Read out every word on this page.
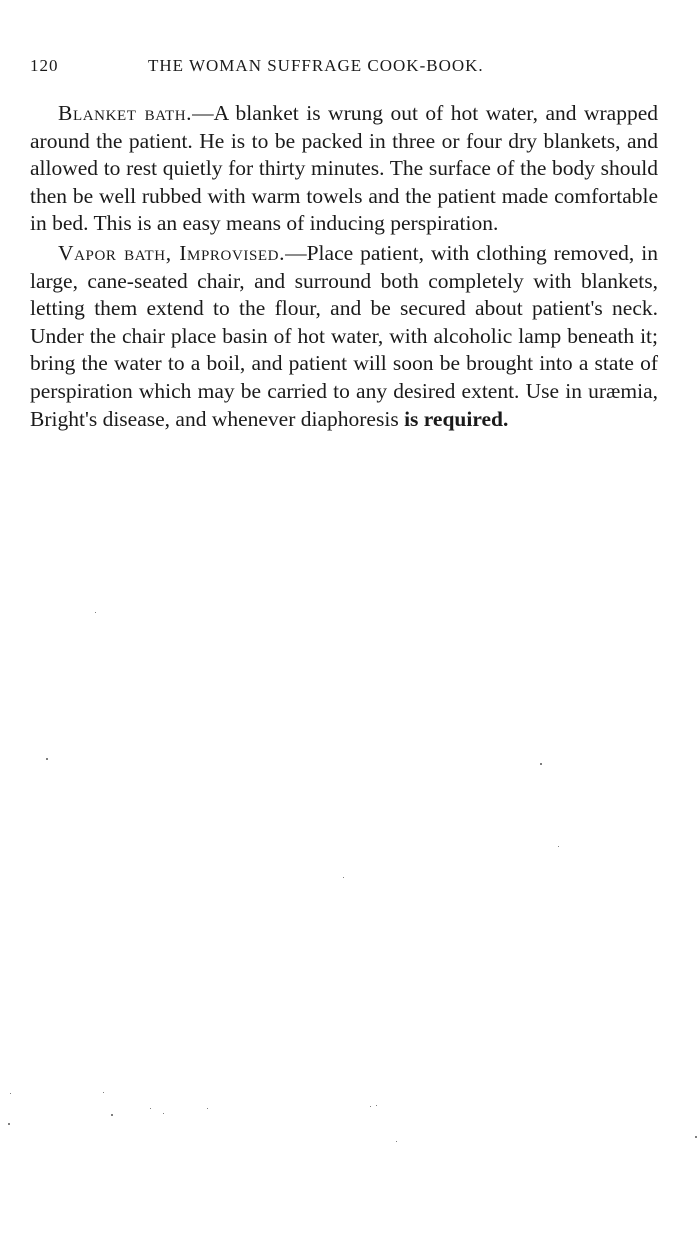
120	THE WOMAN SUFFRAGE COOK-BOOK.

Blanket bath.—A blanket is wrung out of hot water, and wrapped around the patient. He is to be packed in three or four dry blankets, and allowed to rest quietly for thirty minutes. The surface of the body should then be well rubbed with warm towels and the patient made comfortable in bed. This is an easy means of inducing perspiration.

Vapor bath, Improvised.—Place patient, with clothing removed, in large, cane-seated chair, and surround both completely with blankets, letting them extend to the flour, and be secured about patient's neck. Under the chair place basin of hot water, with alcoholic lamp beneath it; bring the water to a boil, and patient will soon be brought into a state of perspiration which may be carried to any desired extent. Use in uræmia, Bright's disease, and whenever diaphoresis is required.
